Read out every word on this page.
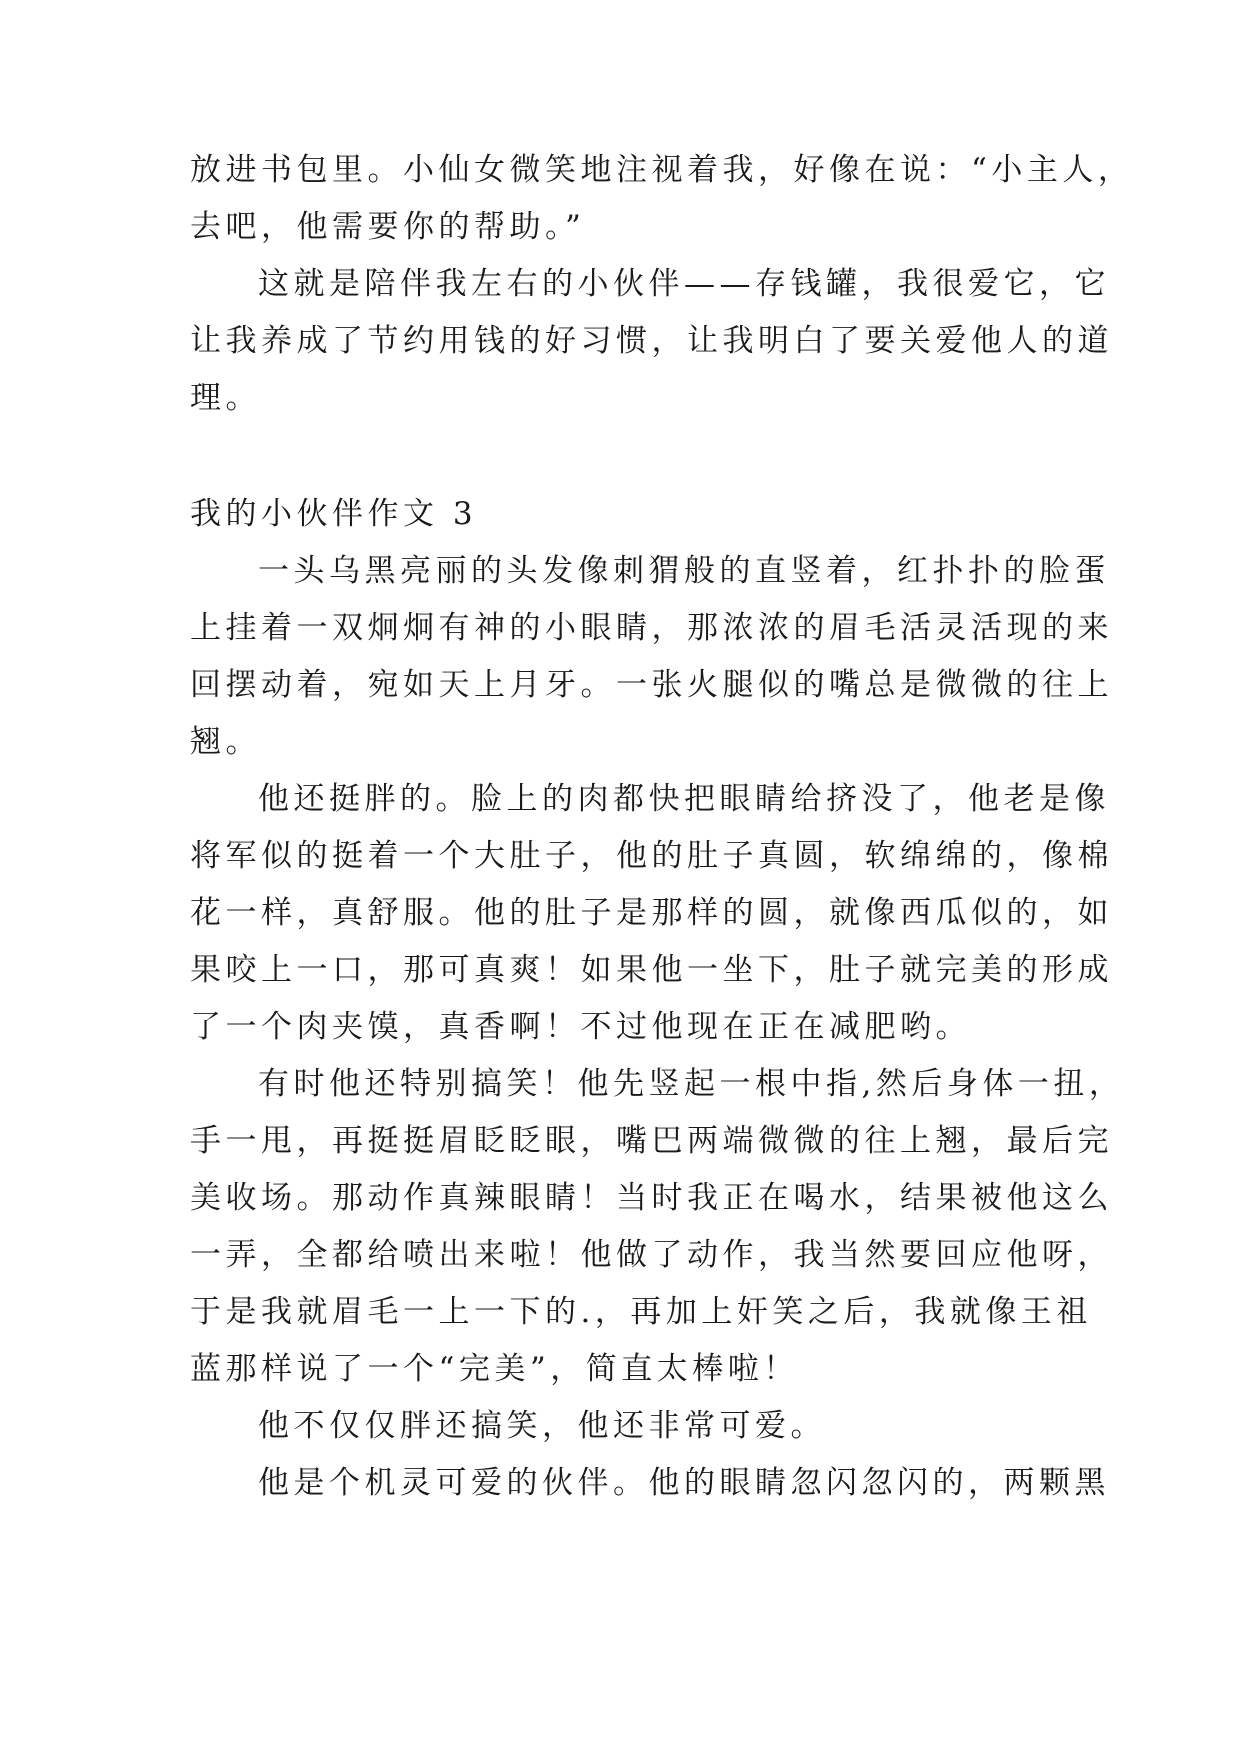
放进书包里。小仙女微笑地注视着我，好像在说：“小主人，
去吧，他需要你的帮助。”
这就是陪伴我左右的小伙伴——存钱罐，我很爱它，它
让我养成了节约用钱的好习惯，让我明白了要关爱他人的道
理。
我的小伙伴作文 3
一头乌黑亮丽的头发像刺猬般的直竖着，红扑扑的脸蛋
上挂着一双炯炯有神的小眼睛，那浓浓的眉毛活灵活现的来
回摆动着，宛如天上月牙。一张火腿似的嘴总是微微的往上
翘。
他还挺胖的。脸上的肉都快把眼睛给挤没了，他老是像
将军似的挺着一个大肚子，他的肚子真圆，软绵绵的，像棉
花一样，真舒服。他的肚子是那样的圆，就像西瓜似的，如
果咬上一口，那可真爽！如果他一坐下，肚子就完美的形成
了一个肉夹馍，真香啊！不过他现在正在减肥哟。
有时他还特别搞笑！他先竖起一根中指,然后身体一扭，
手一甩，再挺挺眉眨眨眼，嘴巴两端微微的往上翘，最后完
美收场。那动作真辣眼睛！当时我正在喝水，结果被他这么
一弄，全都给喷出来啦！他做了动作，我当然要回应他呀，
于是我就眉毛一上一下的.，再加上奸笑之后，我就像王祖
蓝那样说了一个“完美”，简直太棒啦！
他不仅仅胖还搞笑，他还非常可爱。
他是个机灵可爱的伙伴。他的眼睛忽闪忽闪的，两颗黑
